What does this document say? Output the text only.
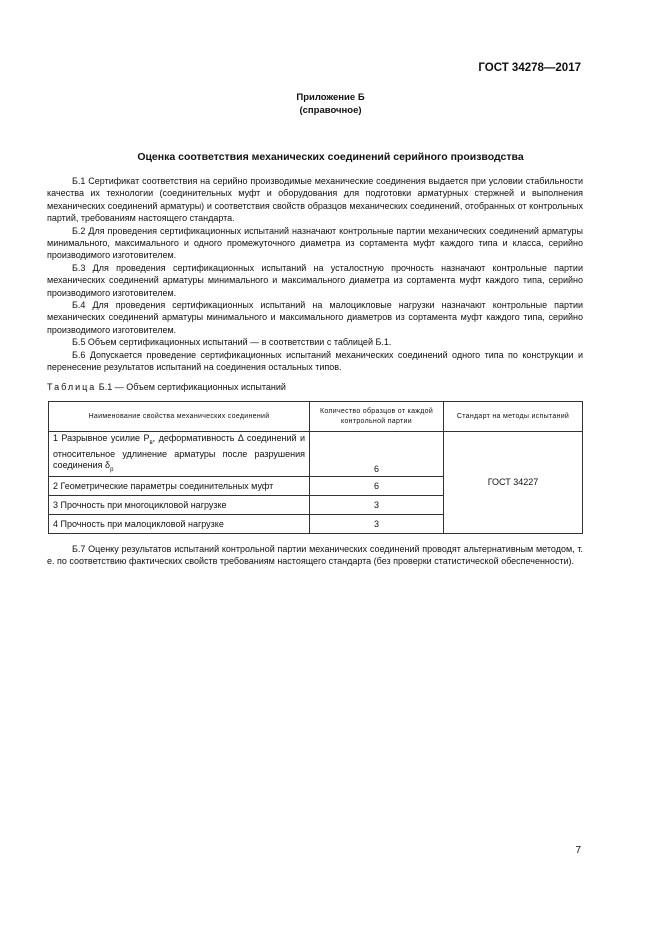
ГОСТ 34278—2017
Приложение Б
(справочное)
Оценка соответствия механических соединений серийного производства

Б.1 Сертификат соответствия на серийно производимые механические соединения выдается при условии стабильности качества их технологии (соединительных муфт и оборудования для подготовки арматурных стержней и выполнения механических соединений арматуры) и соответствия свойств образцов механических соединений, отобранных от контрольных партий, требованиям настоящего стандарта.

Б.2 Для проведения сертификационных испытаний назначают контрольные партии механических соединений арматуры минимального, максимального и одного промежуточного диаметра из сортамента муфт каждого типа и класса, серийно производимого изготовителем.

Б.3 Для проведения сертификационных испытаний на усталостную прочность назначают контрольные партии механических соединений арматуры минимального и максимального диаметра из сортамента муфт каждого типа, серийно производимого изготовителем.

Б.4 Для проведения сертификационных испытаний на малоцикловые нагрузки назначают контрольные партии механических соединений арматуры минимального и максимального диаметров из сортамента муфт каждого типа, серийно производимого изготовителем.

Б.5 Объем сертификационных испытаний — в соответствии с таблицей Б.1.

Б.6 Допускается проведение сертификационных испытаний механических соединений одного типа по конструкции и перенесение результатов испытаний на соединения остальных типов.

Таблица Б.1 — Объем сертификационных испытаний
Наименование свойства механических соединений	Количество образцов от каждой контрольной партии	Стандарт на методы испытаний
1 Разрывное усилие $P_в$, деформативность Δ соединений и относительное удлинение арматуры после разрушения соединения $\delta_p$	6	ГОСТ 34227
2 Геометрические параметры соединительных муфт	6	
3 Прочность при многоцикловой нагрузке	3	
4 Прочность при малоцикловой нагрузке	3	

Б.7 Оценку результатов испытаний контрольной партии механических соединений проводят альтернативным методом, т. е. по соответствию фактических свойств требованиям настоящего стандарта (без проверки статистической обеспеченности).

7
